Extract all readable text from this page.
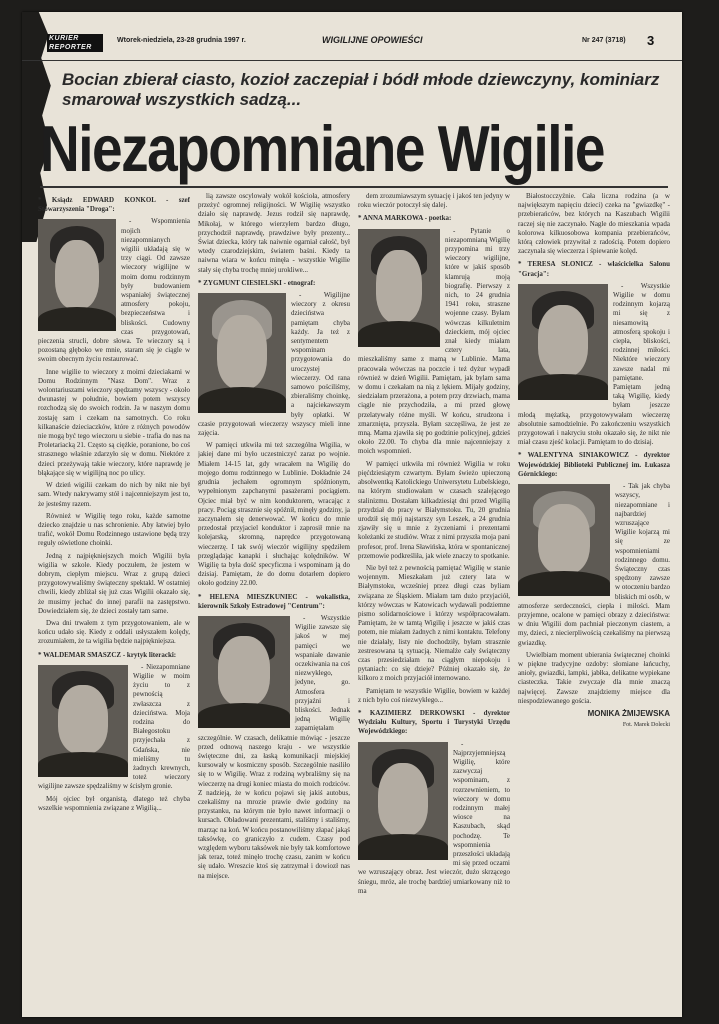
KURIER
REPORTER
Wtorek-niedziela, 23-28 grudnia 1997 r.	WIGILIJNE OPOWIEŚCI	Nr 247 (3718) 3
Bocian zbierał ciasto, kozioł zaczepiał i bódł młode dziewczyny, kominiarz smarował wszystkich sadzą...
Niezapomniane Wigilie

* Ksiądz EDWARD KONKOL - szef Stowarzyszenia "Droga":

- Wspomnienia mojich niezapomnianych wigilii układają się w trzy ciągi. Od zawsze wieczory wigilijne w moim domu rodzinnym były budowaniem wspaniałej świątecznej atmosfery pokoju, bezpieczeństwa i bliskości. Cudowny czas przygotowań, pieczenia strucli, dobre słowa. Te wieczory są i pozostaną głęboko we mnie, staram się je ciągle w swoim obecnym życiu restaurować.

Inne wigilie to wieczory z moimi dzieciakami w Domu Rodzinnym "Nasz Dom". Wraz z wolontariuszami wieczory spędzamy wszyscy - około dwunastej w południe, bowiem potem wszyscy rozchodzą się do swoich rodzin. Ja w naszym domu zostaję sam i czekam na samotnych. Co roku kilkanaście dzieciaczków, które z różnych powodów nie mogą być tego wieczoru u siebie - trafia do nas na Proletariacką 21. Często są ciężkie, poranione, bo coś strasznego właśnie zdarzyło się w domu. Niektóre z dzieci przeżywają takie wieczory, które naprawdę je błąkające się w wigilijną noc po ulicy.

W dzień wigilii czekam do nich by nikt nie był sam. Wtedy nakrywamy stół i najcenniejszym jest to, że jesteśmy razem.

Również w Wigilię tego roku, każde samotne dziecko znajdzie u nas schronienie. Aby łatwiej było trafić, wokół Domu Rodzinnego ustawione będą trzy reguły oświetlone choinki.

Jedną z najpiękniejszych moich Wigilii była wigilia w szkole. Kiedy poczułem, że jestem w dobrym, ciepłym miejscu. Wraz z grupą dzieci przygotowywaliśmy świąteczny spektakl. W ostatniej chwili, kiedy zbliżał się już czas Wigilii okazało się, że musimy jechać do innej parafii na zastępstwo. Dowiedziałem się, że dzieci zostały tam same.

Dwa dni trwałem z tym przygotowaniem, ale w końcu udało się. Kiedy z oddali usłyszałem kolędy, zrozumiałem, że ta wigilia będzie najpiękniejsza.

* WALDEMAR SMASZCZ - krytyk literacki:

- Niezapomniane Wigilie w moim życiu to z pewnością zwłaszcza z dzieciństwa. Moja rodzina do Białegostoku przyjechała z Gdańska, nie mieliśmy tu żadnych krewnych, toteż wieczory wigilijne zawsze spędzaliśmy w ścisłym gronie.

Mój ojciec był organistą, dlatego też chyba wszelkie wspomnienia związane z Wigilią...

lią zawsze oscylowały wokół kościoła, atmosfery przeżyć ogromnej religijności. W Wigilię wszystko działo się naprawdę. Jezus rodził się naprawdę, Mikołaj, w którego wierzyłem bardzo długo, przychodził naprawdę, prawdziwe były prezenty... Świat dziecka, który tak naiwnie ogarniał całość, był wtedy czarodziejskim, światem baśni. Kiedy ta naiwna wiara w końcu minęła - wszystkie Wigilie stały się chyba trochę mniej urokliwe...

* ZYGMUNT CIESIELSKI - etnograf:

- Wigilijne wieczory z okresu dzieciństwa pamiętam chyba każdy. Ja też z sentymentem wspominam przygotowania do uroczystej wieczerzy. Od rana samowo pościliśmy, zbieraliśmy choinkę, a najciekawszym były opłatki. W czasie przygotowań wieczerzy wszyscy mieli inne zajęcia.

W pamięci utkwiła mi też szczególna Wigilia, w jakiej dane mi było uczestniczyć zaraz po wojnie. Miałem 14-15 lat, gdy wracałem na Wigilię do mojego domu rodzinnego w Lublinie. Dokładnie 24 grudnia jechałem ogromnym spóźnionym, wypełnionym zapchanymi pasażerami pociągiem. Ojciec miał być w nim konduktorem, wracając z pracy. Pociąg strasznie się spóźnił, minęły godziny, ja zaczynałem się denerwować. W końcu do mnie przedostał przyjaciel konduktor i zaprosił mnie na kolejarską, skromną, naprędce przygotowaną wieczerzę. I tak swój wieczór wigilijny spędziłem przeglądając kanapki i słuchając kolędników. W Wigilię ta była dość specyficzna i wspominam ją do dzisiaj. Pamiętam, że do domu dotarłem dopiero około godziny 22.00.

* HELENA MIESZKUNIEC - wokalistka, kierownik Szkoły Estradowej "Centrum":

- Wszystkie Wigilie zawsze się jakoś w mej pamięci we wspaniałe dawanie oczekiwania na coś niezwykłego, jedyne, go. Atmosfera przyjaźni i bliskości. Jednak jedną Wigilię zapamiętałam szczególnie. W czasach, delikatnie mówiąc - jeszcze przed odnową naszego kraju - we wszystkie święteczne dni, za łaską komunikacji miejskiej kursowały w kosmiczny sposób. Szczególnie nasiliło się to w Wigilię. Wraz z rodziną wybraliśmy się na wieczerzę na drugi koniec miasta do moich rodziców. Z nadzieją, że w końcu pojawi się jakiś autobus, czekaliśmy na mrozie prawie dwie godziny na przystanku, na którym nie było nawet informacji o kursach. Obładowani prezentami, staliśmy i staliśmy, marząc na koń. W końcu postanowiliśmy złapać jakąś taksówkę, co graniczyło z cudem. Czasy pod względem wyboru taksówek nie były tak komfortowe jak teraz, toteż minęło trochę czasu, zanim w końcu się udało. Wreszcie ktoś się zatrzymał i dowiozł nas na miejsce.

dem zrozumiawszym sytuację i jakoś ten jedyny w roku wieczór potoczył się dalej.

* ANNA MARKOWA - poetka:

- Pytanie o niezapomnianą Wigilię przypomina mi trzy wieczory wigilijne, które w jakiś sposób klamrują moją biografię. Pierwszy z nich, to 24 grudnia 1941 roku, straszne wojenne czasy. Byłam wówczas kilkuletnim dzieckiem, mój ojciec znał kiedy miałam cztery lata, mieszkaliśmy same z mamą w Lublinie. Mama pracowała wówczas na poczcie i też dyżur wypadł również w dzień Wigilii. Pamiętam, jak bylam sama w domu i czekałam na nią z lękiem. Mijały godziny, siedziałam przerażona, a potem przy drzwiach, mama ciągle nie przychodziła, a mi przed głowę przelatywały różne myśli. W końcu, strudzona i zmarznięta, przyszła. Byłam szczęśliwa, że jest ze mną. Mama zjawiła się po godzinie policyjnej, gdzieś około 22.00. To chyba dla mnie najcenniejszy z moich wspomnień.

W pamięci utkwiła mi również Wigilia w roku pięćdziesiątym czwartym. Byłam świeżo upieczoną absolwentką Katolickiego Uniwersytetu Lubelskiego, na którym studiowałam w czasach szalejącego stalinizmu. Dostałam kilkadziesiąt dni przed Wigilią przydział do pracy w Białymstoku. Tu, 20 grudnia urodził się mój najstarszy syn Leszek, a 24 grudnia zjawiły się u mnie z życzeniami i prezentami koleżanki ze studiów. Wraz z nimi przyszła moja pani profesor, prof. Irena Sławińska, która w spontanicznej przemowie podkreśliła, jak wiele znaczy to spotkanie.

Nie był też z pewnością pamiętać Wigilię w stanie wojennym. Mieszkałam już cztery lata w Białymstoku, wcześniej przez długi czas byliam związana ze Śląskiem. Miałam tam dużo przyjaciół, którzy wówczas w Katowicach wydawali podziemne pismo solidarnościowe i którzy współpracowałam. Pamiętam, że w tamtą Wigilię i jeszcze w jakiś czas potem, nie miałam żadnych z nimi kontaktu. Telefony nie działały, listy nie dochodziły, byłam strasznie zestresowana tą sytuacją. Niemalże cały świąteczny czas przesiedziałam na ciągłym niepokoju i pytaniach: co się dzieje? Później okazało się, że kilkoro z moich przyjaciół internowano.

Pamiętam te wszystkie Wigilie, bowiem w każdej z nich było coś niezwykłego...

* KAZIMIERZ DERKOWSKI - dyrektor Wydziału Kultury, Sportu i Turystyki Urzędu Wojewódzkiego:

- Najprzyjemniejszą Wigilię, które zazwyczaj wspominam, z rozrzewnieniem, to wieczory w domu rodzinnym małej wiosce na Kaszubach, skąd pochodzę. Te wspomnienia przeszłości układają mi się przed oczami we wzruszający obraz. Jest wieczór, dużo skrzącego śniegu, mróz, ale trochę bardziej umiarkowany niż to ma

Białostocczyźnie. Cała liczna rodzina (a w największym napięciu dzieci) czeka na "gwiazdkę" - przebierańców, bez których na Kaszubach Wigilii raczej się nie zaczynało. Nagle do mieszkania wpada kolorowa kilkuosobowa kompania przebierańców, którą człowiek przywitał z radością. Potem dopiero zaczynała się wieczerza i śpiewanie kolęd.

* TERESA SŁONICZ - właścicielka Salonu "Gracja":

- Wszystkie Wigilie w domu rodzinnym kojarzą mi się z niesamowitą atmosferą spokoju i ciepła, bliskości, rodzinnej miłości. Niektóre wieczory zawsze nadal mi pamiętane. Pamiętam jedną taką Wigilię, kiedy byłam jeszcze młodą mężatką, przygotowywałam wieczerzę absolutnie samodzielnie. Po zakończeniu wszystkich przygotowań i nakryciu stołu okazało się, że nikt nie miał czasu zjeść kolacji. Pamiętam to do dzisiaj.

* WALENTYNA SINIAKOWICZ - dyrektor Wojewódzkiej Biblioteki Publicznej im. Łukasza Górnickiego:

- Tak jak chyba wszyscy, niezapomniane i najbardziej wzruszające Wigilie kojarzą mi się ze wspomnieniami rodzinnego domu. Świąteczny czas spędzony zawsze w otoczeniu bardzo bliskich mi osób, w atmosferze serdeczności, ciepła i miłości. Mam przyjemne, ocalone w pamięci obrazy z dzieciństwa: w dniu Wigilii dom pachniał pieczonym ciastem, a my, dzieci, z niecierpliwością czekaliśmy na pierwszą gwiazdkę.

Uwielbiam moment ubierania świątecznej choinki w piękne tradycyjne ozdoby: słomiane łańcuchy, anioły, gwiazdki, lampki, jabłka, delikatne wypiekane ciasteczka. Takie zwyczaje dla mnie znaczą najwięcej. Zawsze znajdziemy miejsce dla niespodziewanego gościa.

MONIKA ŻMIJEWSKA

Fot. Marek Dolecki
